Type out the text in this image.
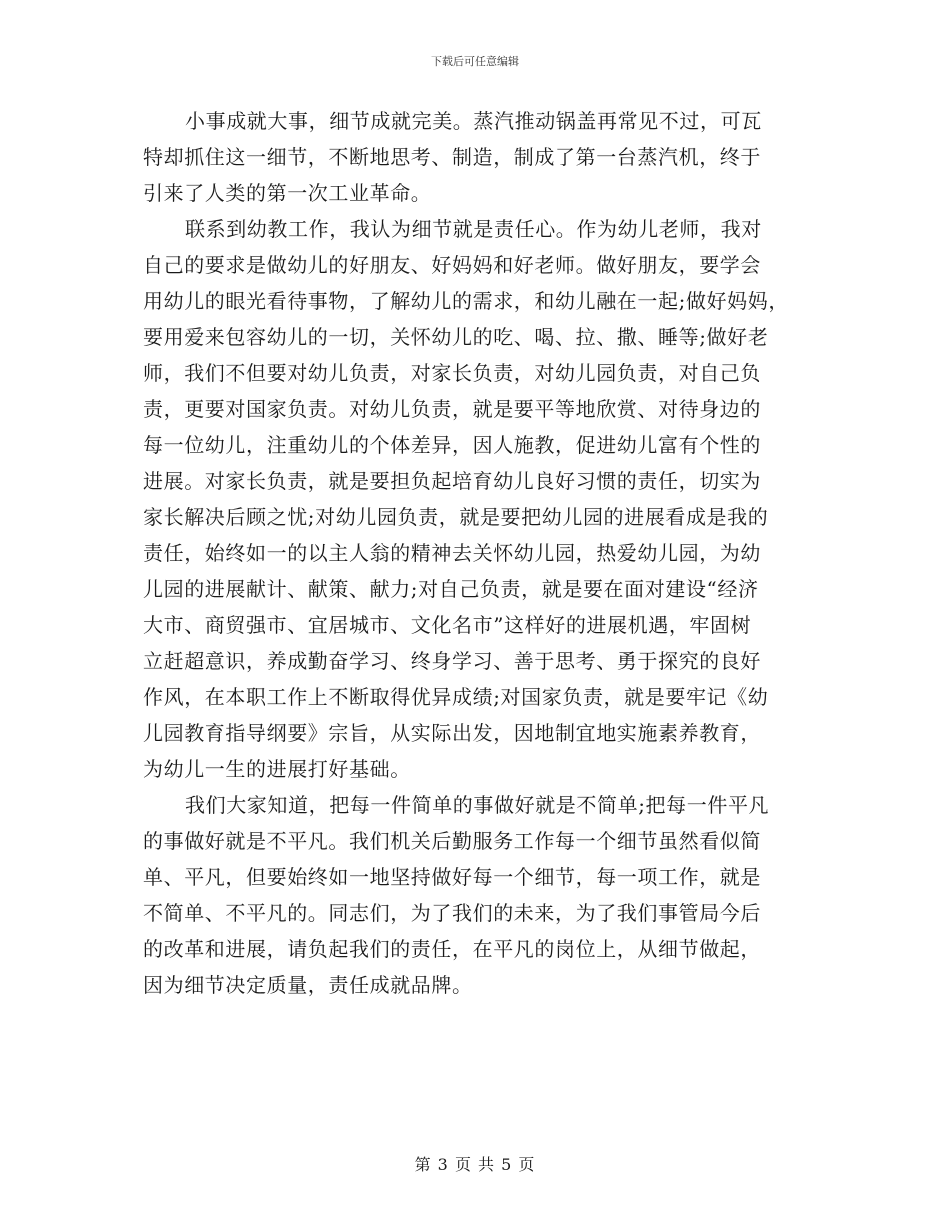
下载后可任意编辑
小事成就大事，细节成就完美。蒸汽推动锅盖再常见不过，可瓦
特却抓住这一细节，不断地思考、制造，制成了第一台蒸汽机，终于
引来了人类的第一次工业革命。
联系到幼教工作，我认为细节就是责任心。作为幼儿老师，我对
自己的要求是做幼儿的好朋友、好妈妈和好老师。做好朋友，要学会
用幼儿的眼光看待事物，了解幼儿的需求，和幼儿融在一起;做好妈妈，
要用爱来包容幼儿的一切，关怀幼儿的吃、喝、拉、撒、睡等;做好老
师，我们不但要对幼儿负责，对家长负责，对幼儿园负责，对自己负
责，更要对国家负责。对幼儿负责，就是要平等地欣赏、对待身边的
每一位幼儿，注重幼儿的个体差异，因人施教，促进幼儿富有个性的
进展。对家长负责，就是要担负起培育幼儿良好习惯的责任，切实为
家长解决后顾之忧;对幼儿园负责，就是要把幼儿园的进展看成是我的
责任，始终如一的以主人翁的精神去关怀幼儿园，热爱幼儿园，为幼
儿园的进展献计、献策、献力;对自己负责，就是要在面对建设“经济
大市、商贸强市、宜居城市、文化名市”这样好的进展机遇，牢固树
立赶超意识，养成勤奋学习、终身学习、善于思考、勇于探究的良好
作风，在本职工作上不断取得优异成绩;对国家负责，就是要牢记《幼
儿园教育指导纲要》宗旨，从实际出发，因地制宜地实施素养教育，
为幼儿一生的进展打好基础。
我们大家知道，把每一件简单的事做好就是不简单;把每一件平凡
的事做好就是不平凡。我们机关后勤服务工作每一个细节虽然看似简
单、平凡，但要始终如一地坚持做好每一个细节，每一项工作，就是
不简单、不平凡的。同志们，为了我们的未来，为了我们事管局今后
的改革和进展，请负起我们的责任，在平凡的岗位上，从细节做起，
因为细节决定质量，责任成就品牌。
第 3 页 共 5 页
